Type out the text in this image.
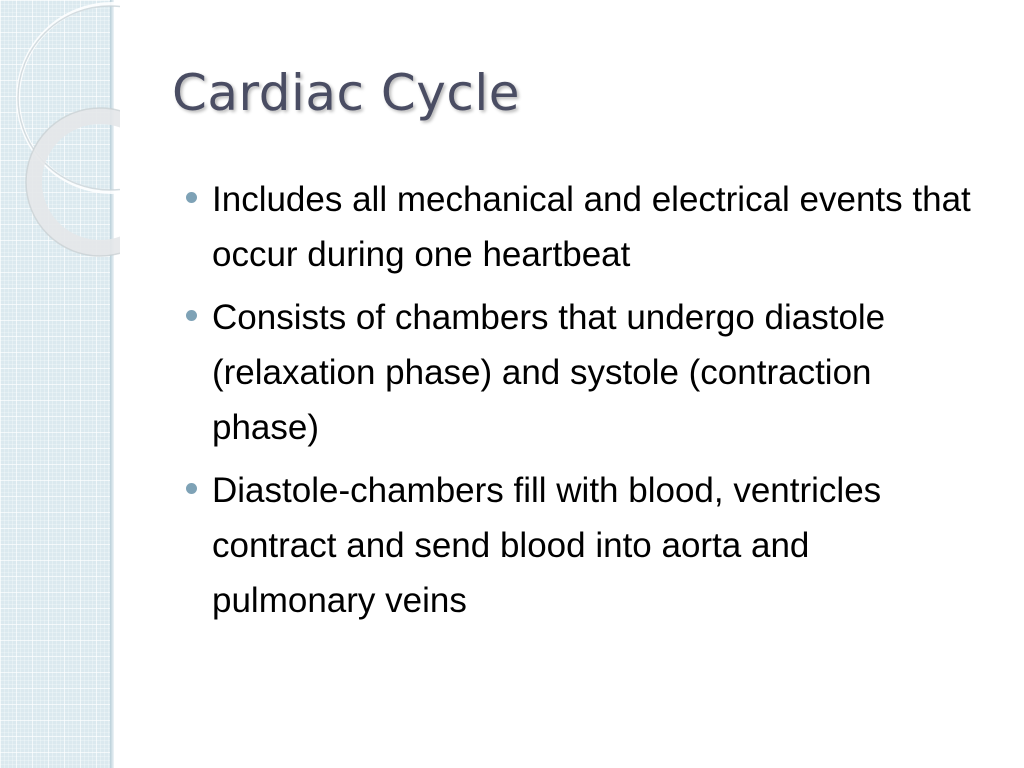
Cardiac Cycle
Includes all mechanical and electrical events that occur during one heartbeat
Consists of chambers that undergo diastole (relaxation phase) and systole (contraction phase)
Diastole-chambers fill with blood, ventricles contract and send blood into aorta and pulmonary veins
